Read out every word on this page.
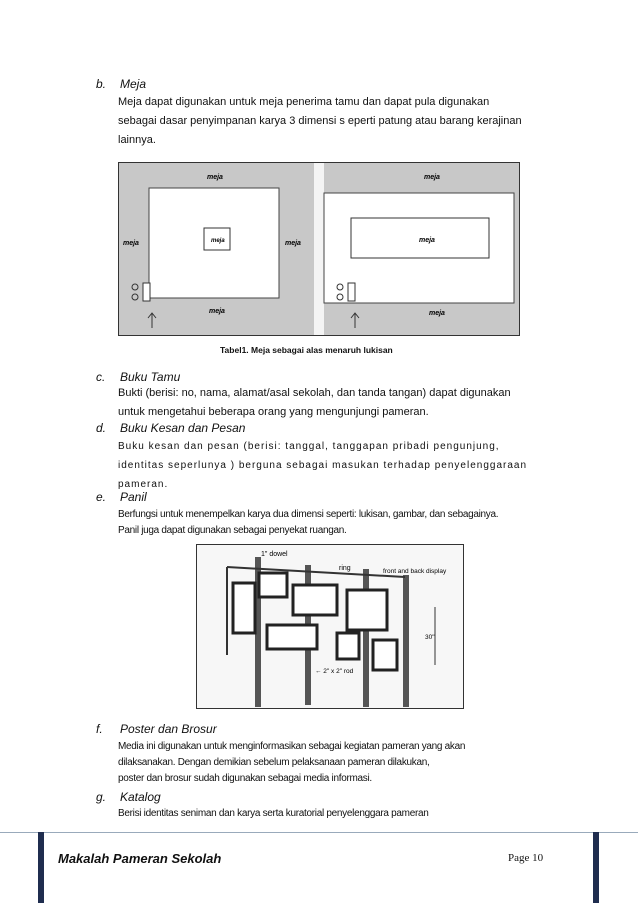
b. Meja
Meja dapat digunakan untuk meja penerima tamu dan dapat pula digunakan
sebagai dasar penyimpanan karya 3 dimensi s eperti patung atau barang kerajinan
lainnya.
meja
meja
meja	meja
meja
meja
meja
meja
Tabel1. Meja sebagai alas menaruh lukisan
c. Buku Tamu
Bukti (berisi: no, nama, alamat/asal sekolah, dan tanda tangan) dapat digunakan
untuk mengetahui beberapa orang yang mengunjungi pameran.
d. Buku Kesan dan Pesan
Buku kesan dan pesan (berisi: tanggal, tanggapan pribadi pengunjung,
identitas seperlunya ) berguna sebagai masukan terhadap penyelenggaraan
pameran.
e. Panil
Berfungsi untuk menempelkan karya dua dimensi seperti: lukisan, gambar, dan sebagainya.
Panil juga dapat digunakan sebagai penyekat ruangan.
1" dowel
ring	front and back display
← 2" x 2" rod
30"
f. Poster dan Brosur
Media ini digunakan untuk menginformasikan sebagai kegiatan pameran yang akan
dilaksanakan. Dengan demikian sebelum pelaksanaan pameran dilakukan,
poster dan brosur sudah digunakan sebagai media informasi.
g. Katalog
Berisi identitas seniman dan karya serta kuratorial penyelenggara pameran
Makalah Pameran Sekolah	Page 10
